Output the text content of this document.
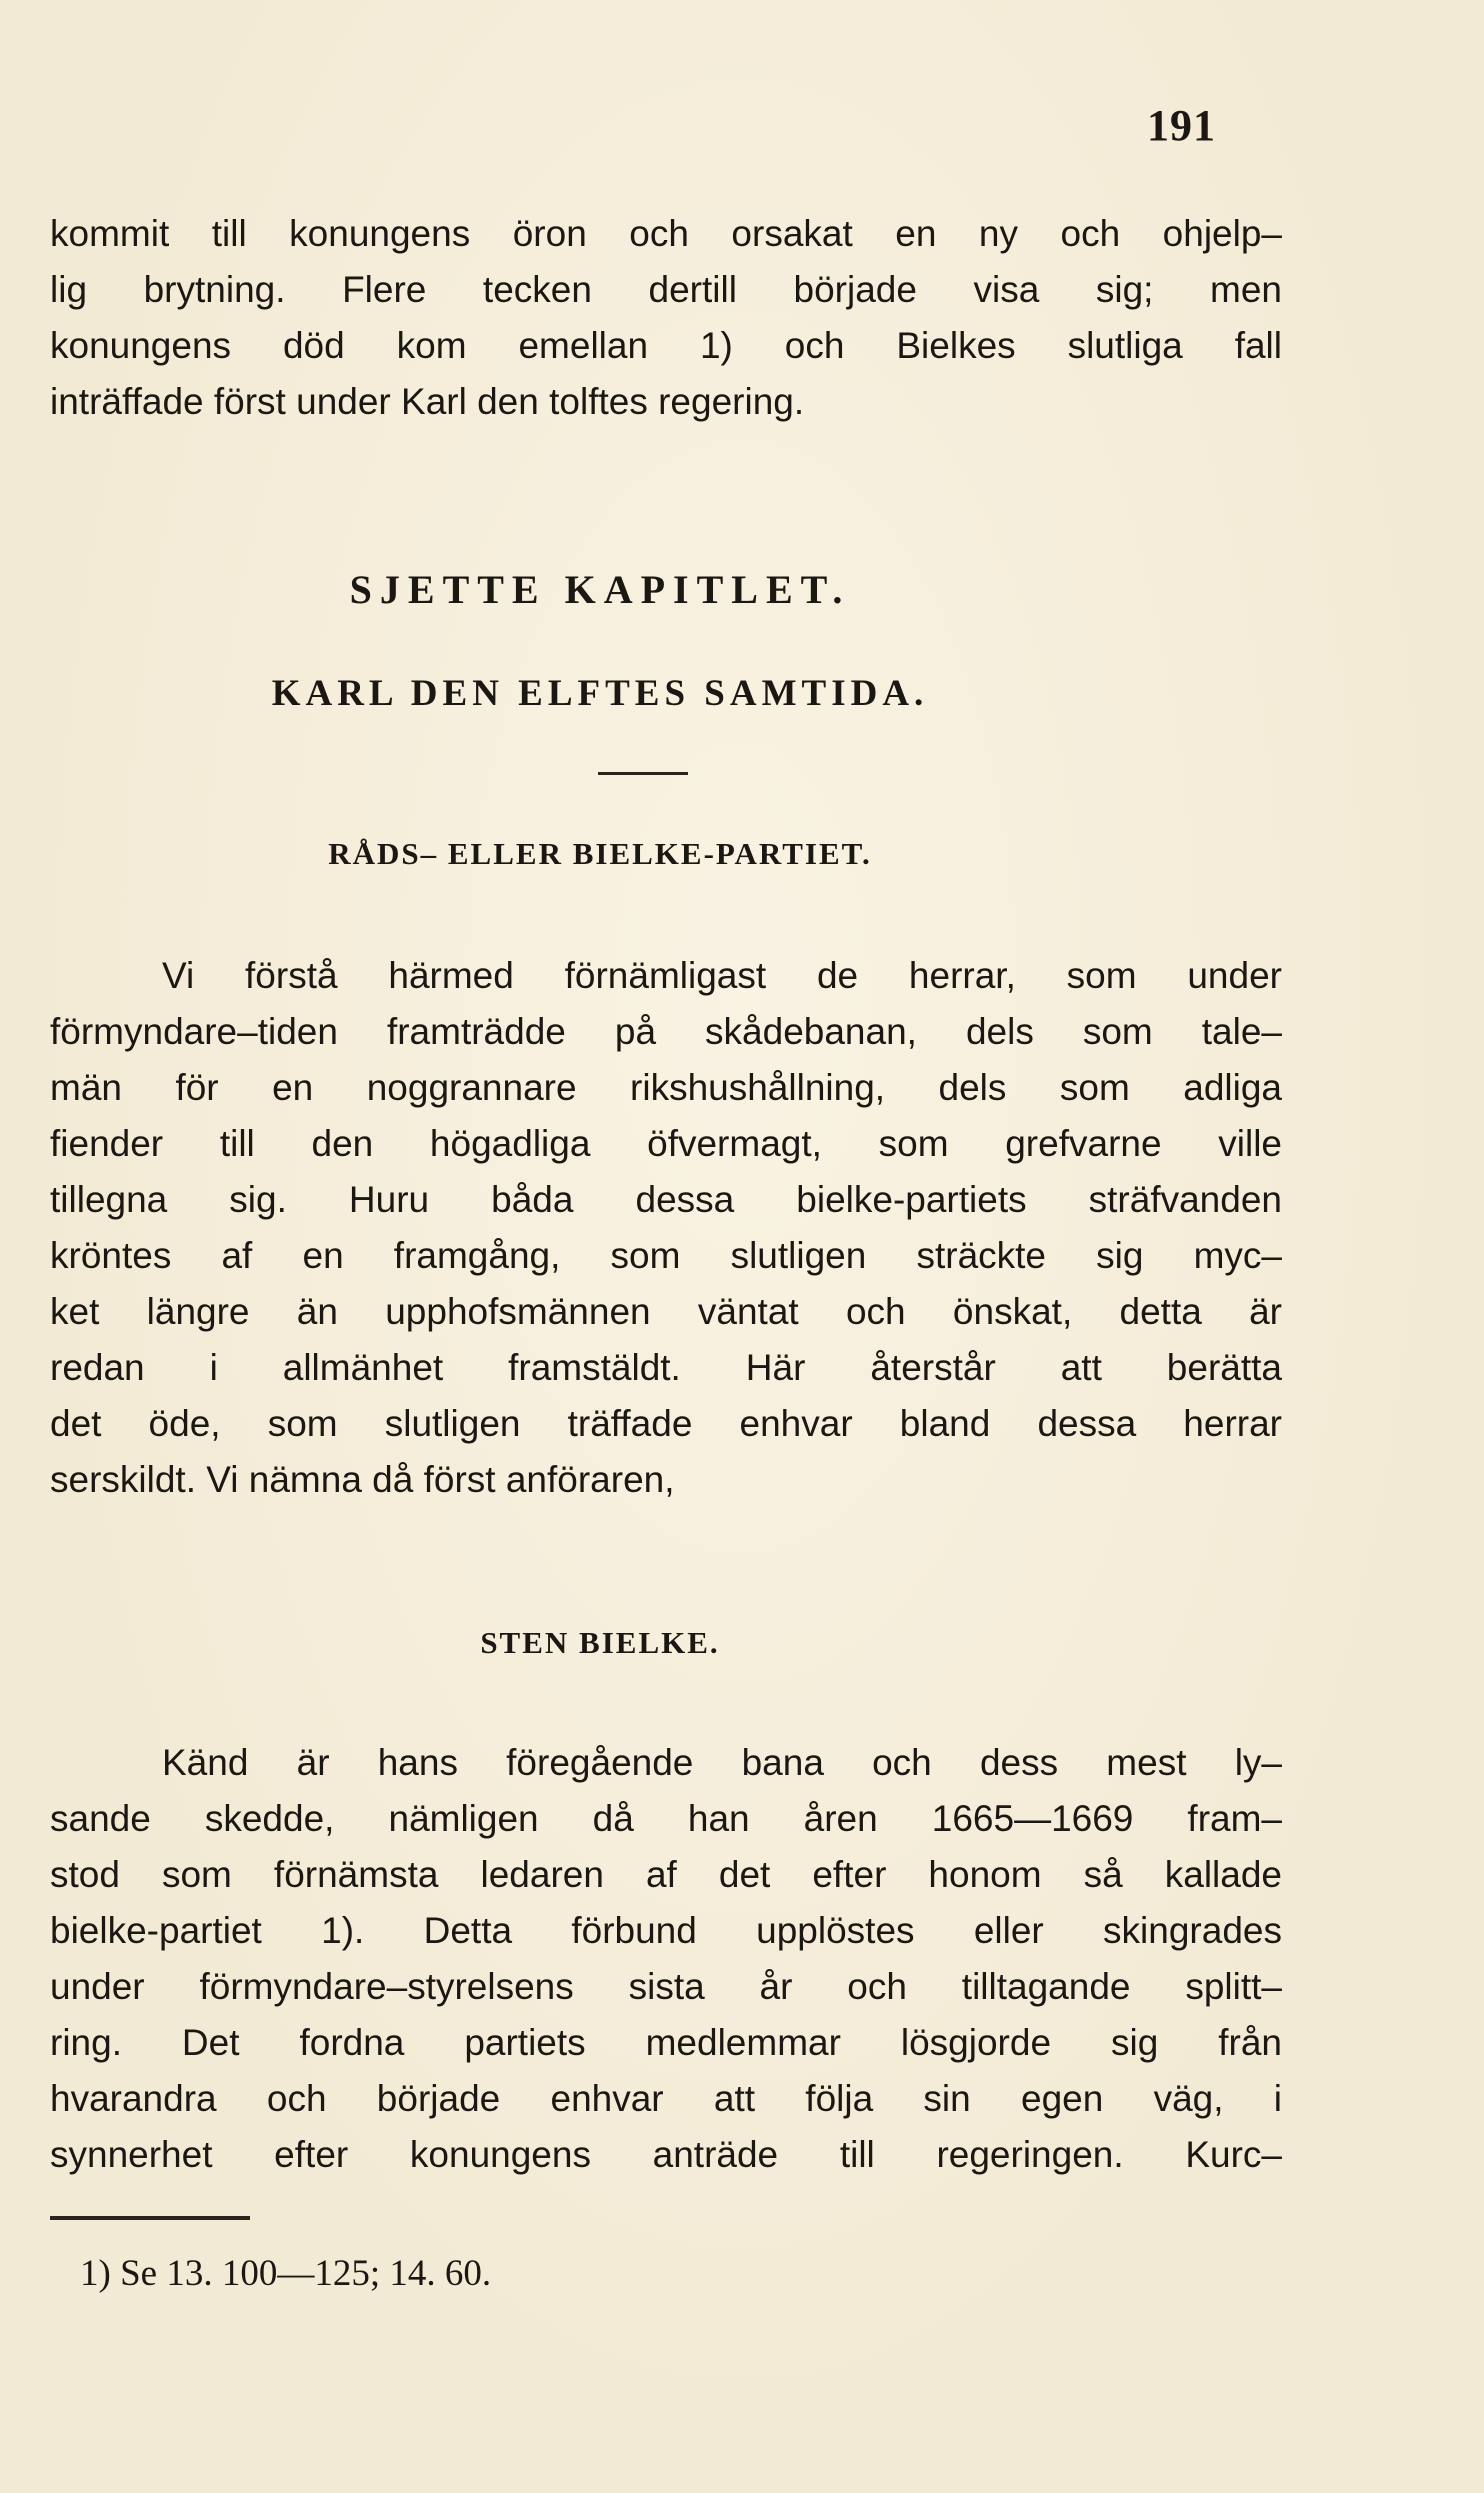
191
kommit till konungens öron och orsakat en ny och ohjelp–
lig brytning. Flere tecken dertill började visa sig; men
konungens död kom emellan 1) och Bielkes slutliga fall
inträffade först under Karl den tolftes regering.
SJETTE KAPITLET.
KARL DEN ELFTES SAMTIDA.
RÅDS– ELLER BIELKE-PARTIET.
Vi förstå härmed förnämligast de herrar, som under
förmyndare–tiden framträdde på skådebanan, dels som tale–
män för en noggrannare rikshushållning, dels som adliga
fiender till den högadliga öfvermagt, som grefvarne ville
tillegna sig. Huru båda dessa bielke-partiets sträfvanden
kröntes af en framgång, som slutligen sträckte sig myc–
ket längre än upphofsmännen väntat och önskat, detta är
redan i allmänhet framstäldt. Här återstår att berätta
det öde, som slutligen träffade enhvar bland dessa herrar
serskildt. Vi nämna då först anföraren,
STEN BIELKE.
Känd är hans föregående bana och dess mest ly–
sande skedde, nämligen då han åren 1665—1669 fram–
stod som förnämsta ledaren af det efter honom så kallade
bielke-partiet 1). Detta förbund upplöstes eller skingrades
under förmyndare–styrelsens sista år och tilltagande splitt–
ring. Det fordna partiets medlemmar lösgjorde sig från
hvarandra och började enhvar att följa sin egen väg, i
synnerhet efter konungens anträde till regeringen. Kurc–
1) Se 13. 100—125; 14. 60.
